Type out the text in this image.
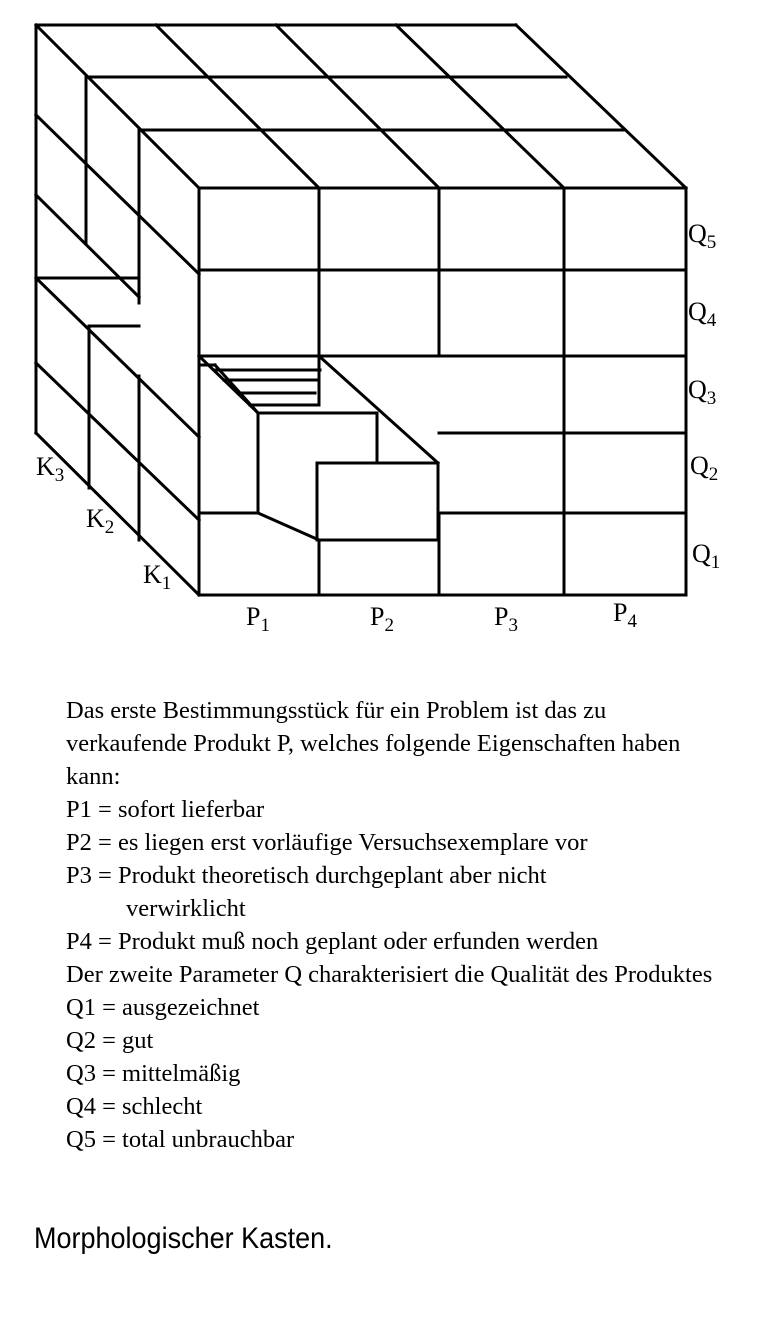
$P_1$	$P_2$	$P_3$	$P_4$
$Q_5$
$Q_4$
$Q_3$
$Q_2$
$Q_1$
$K_3$
$K_2$
$K_1$

Das erste Bestimmungsstück für ein Problem ist das zu verkaufende Produkt P, welches folgende Eigenschaften haben kann:

P1 = sofort lieferbar

P2 = es liegen erst vorläufige Versuchsexemplare vor

P3 = Produkt theoretisch durchgeplant aber nicht

verwirklicht

P4 = Produkt muß noch geplant oder erfunden werden

Der zweite Parameter Q charakterisiert die Qualität des Produktes

Q1 = ausgezeichnet

Q2 = gut

Q3 = mittelmäßig

Q4 = schlecht

Q5 = total unbrauchbar

Morphologischer Kasten.
